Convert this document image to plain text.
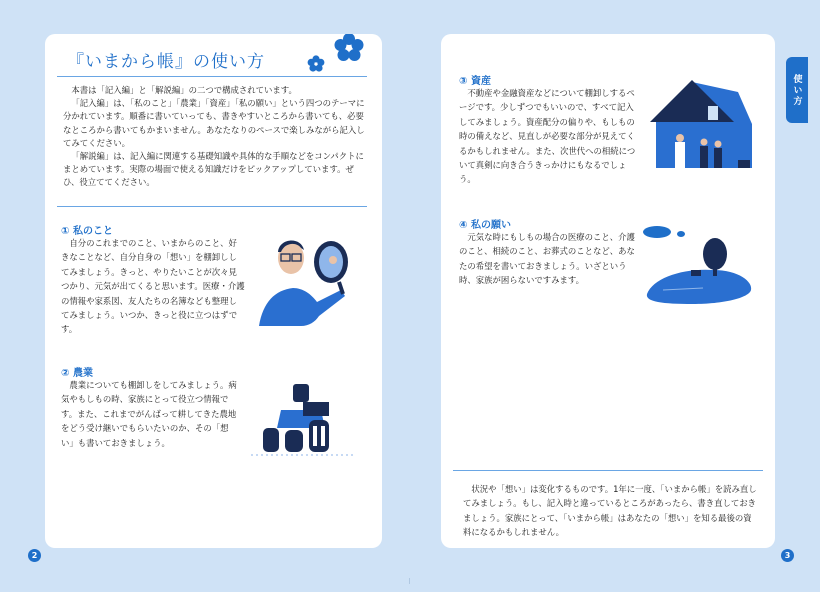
『いまから帳』の使い方

本書は「記入編」と「解説編」の二つで構成されています。

「記入編」は、「私のこと」「農業」「資産」「私の願い」という四つのテーマに分かれています。順番に書いていっても、書きやすいところから書いても、必要なところから書いてもかまいません。あなたなりのペースで楽しみながら記入してみてください。

「解説編」は、記入編に関連する基礎知識や具体的な手順などをコンパクトにまとめています。実際の場面で使える知識だけをピックアップしています。ぜひ、役立ててください。

① 私のこと
自分のこれまでのこと、いまからのこと、好きなことなど、自分自身の「想い」を棚卸ししてみましょう。きっと、やりたいことが次々見つかり、元気が出てくると思います。医療・介護の情報や家系図、友人たちの名簿なども整理してみましょう。いつか、きっと役に立つはずです。
② 農業
農業についても棚卸しをしてみましょう。病気やもしもの時、家族にとって役立つ情報です。また、これまでがんばって耕してきた農地をどう受け継いでもらいたいのか、その「想い」も書いておきましょう。
2
③ 資産
不動産や金融資産などについて棚卸しするページです。少しずつでもいいので、すべて記入してみましょう。資産配分の偏りや、もしもの時の備えなど、見直しが必要な部分が見えてくるかもしれません。また、次世代への相続について真剣に向き合うきっかけにもなるでしょう。
④ 私の願い
元気な時にもしもの場合の医療のこと、介護のこと、相続のこと、お葬式のことなど、あなたの希望を書いておきましょう。いざという時、家族が困らないですみます。
状況や「想い」は変化するものです。1年に一度、「いまから帳」を読み直してみましょう。もし、記入時と違っているところがあったら、書き直しておきましょう。家族にとって、「いまから帳」はあなたの「想い」を知る最後の資料になるかもしれません。
3
使い方
